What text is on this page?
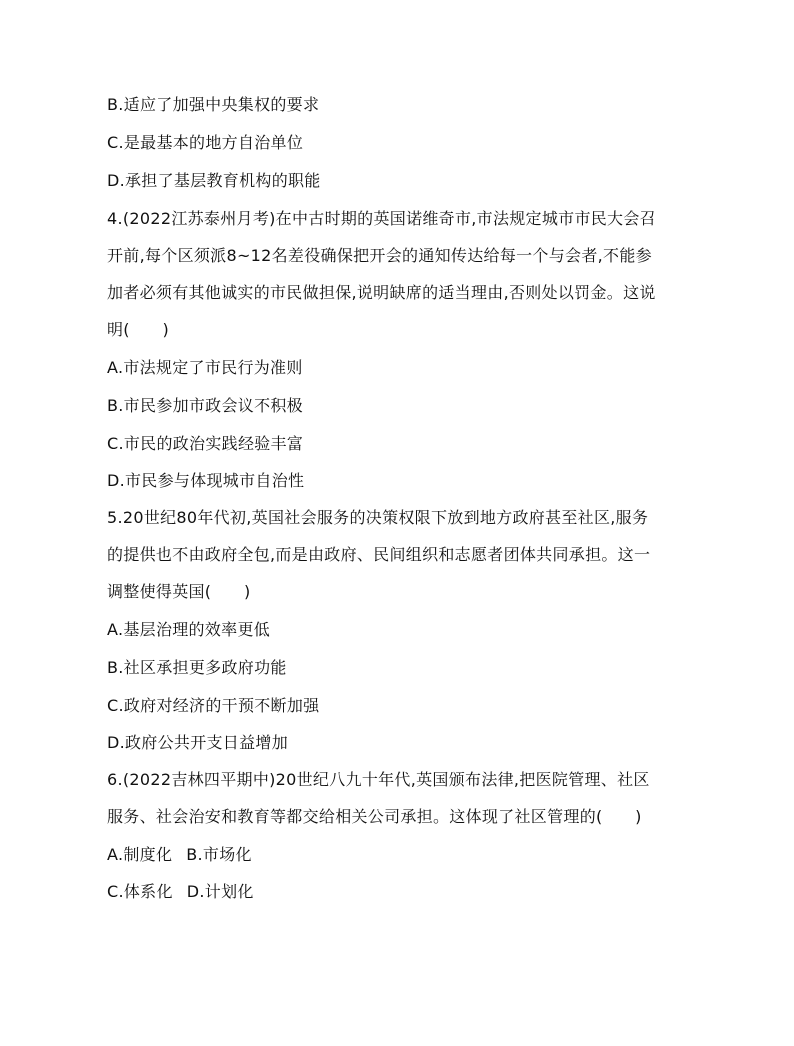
B.适应了加强中央集权的要求
C.是最基本的地方自治单位
D.承担了基层教育机构的职能
4.(2022江苏泰州月考)在中古时期的英国诺维奇市,市法规定城市市民大会召
开前,每个区须派8~12名差役确保把开会的通知传达给每一个与会者,不能参
加者必须有其他诚实的市民做担保,说明缺席的适当理由,否则处以罚金。这说
明(　　)
A.市法规定了市民行为准则
B.市民参加市政会议不积极
C.市民的政治实践经验丰富
D.市民参与体现城市自治性
5.20世纪80年代初,英国社会服务的决策权限下放到地方政府甚至社区,服务
的提供也不由政府全包,而是由政府、民间组织和志愿者团体共同承担。这一
调整使得英国(　　)
A.基层治理的效率更低
B.社区承担更多政府功能
C.政府对经济的干预不断加强
D.政府公共开支日益增加
6.(2022吉林四平期中)20世纪八九十年代,英国颁布法律,把医院管理、社区
服务、社会治安和教育等都交给相关公司承担。这体现了社区管理的(　　)
A.制度化 B.市场化
C.体系化 D.计划化
